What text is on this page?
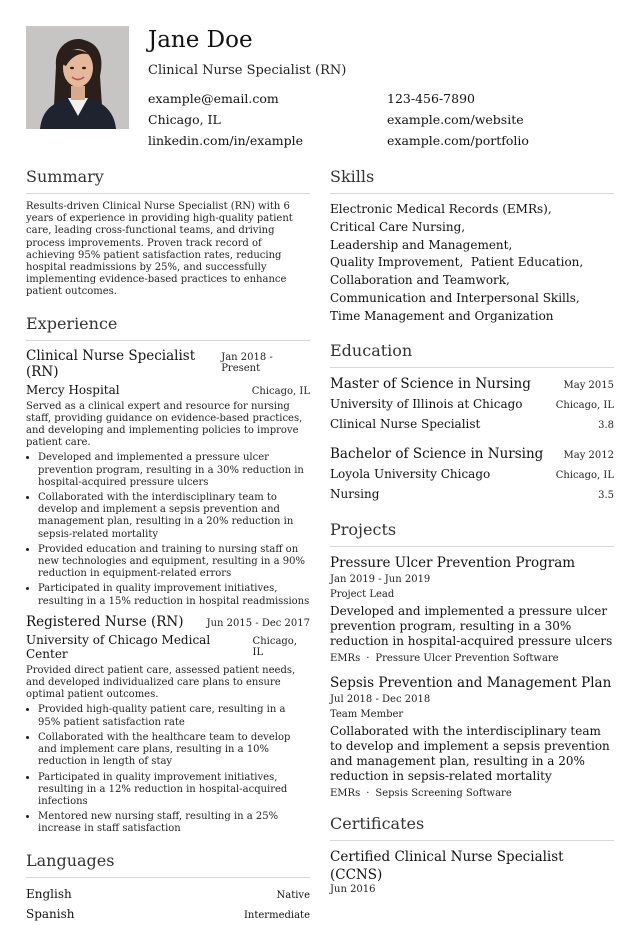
Jane Doe
Clinical Nurse Specialist (RN)
example@email.com
Chicago, IL
linkedin.com/in/example
123-456-7890
example.com/website
example.com/portfolio
Summary
Results-driven Clinical Nurse Specialist (RN) with 6 years of experience in providing high-quality patient care, leading cross-functional teams, and driving process improvements. Proven track record of achieving 95% patient satisfaction rates, reducing hospital readmissions by 25%, and successfully implementing evidence-based practices to enhance patient outcomes.
Experience
Clinical Nurse Specialist (RN)
Jan 2018 - Present
Mercy Hospital	Chicago, IL
Served as a clinical expert and resource for nursing staff, providing guidance on evidence-based practices, and developing and implementing policies to improve patient care.
• Developed and implemented a pressure ulcer prevention program, resulting in a 30% reduction in hospital-acquired pressure ulcers
• Collaborated with the interdisciplinary team to develop and implement a sepsis prevention and management plan, resulting in a 20% reduction in sepsis-related mortality
• Provided education and training to nursing staff on new technologies and equipment, resulting in a 90% reduction in equipment-related errors
• Participated in quality improvement initiatives, resulting in a 15% reduction in hospital readmissions
Registered Nurse (RN) Jun 2015 - Dec 2017
University of Chicago Medical Center
Chicago, IL
Provided direct patient care, assessed patient needs, and developed individualized care plans to ensure optimal patient outcomes.
• Provided high-quality patient care, resulting in a 95% patient satisfaction rate
• Collaborated with the healthcare team to develop and implement care plans, resulting in a 10% reduction in length of stay
• Participated in quality improvement initiatives, resulting in a 12% reduction in hospital-acquired infections
• Mentored new nursing staff, resulting in a 25% increase in staff satisfaction
Languages
English	Native
Spanish	Intermediate
Skills
Electronic Medical Records (EMRs),
Critical Care Nursing,
Leadership and Management,
Quality Improvement,  Patient Education,
Collaboration and Teamwork,
Communication and Interpersonal Skills,
Time Management and Organization
Education
Master of Science in Nursing	May 2015
University of Illinois at Chicago	Chicago, IL
Clinical Nurse Specialist	3.8
Bachelor of Science in Nursing May 2012
Loyola University Chicago	Chicago, IL
Nursing	3.5
Projects
Pressure Ulcer Prevention Program
Jan 2019 - Jun 2019
Project Lead
Developed and implemented a pressure ulcer prevention program, resulting in a 30% reduction in hospital-acquired pressure ulcers
EMRs · Pressure Ulcer Prevention Software
Sepsis Prevention and Management Plan
Jul 2018 - Dec 2018
Team Member
Collaborated with the interdisciplinary team to develop and implement a sepsis prevention and management plan, resulting in a 20% reduction in sepsis-related mortality
EMRs · Sepsis Screening Software
Certificates
Certified Clinical Nurse Specialist (CCNS)
Jun 2016
